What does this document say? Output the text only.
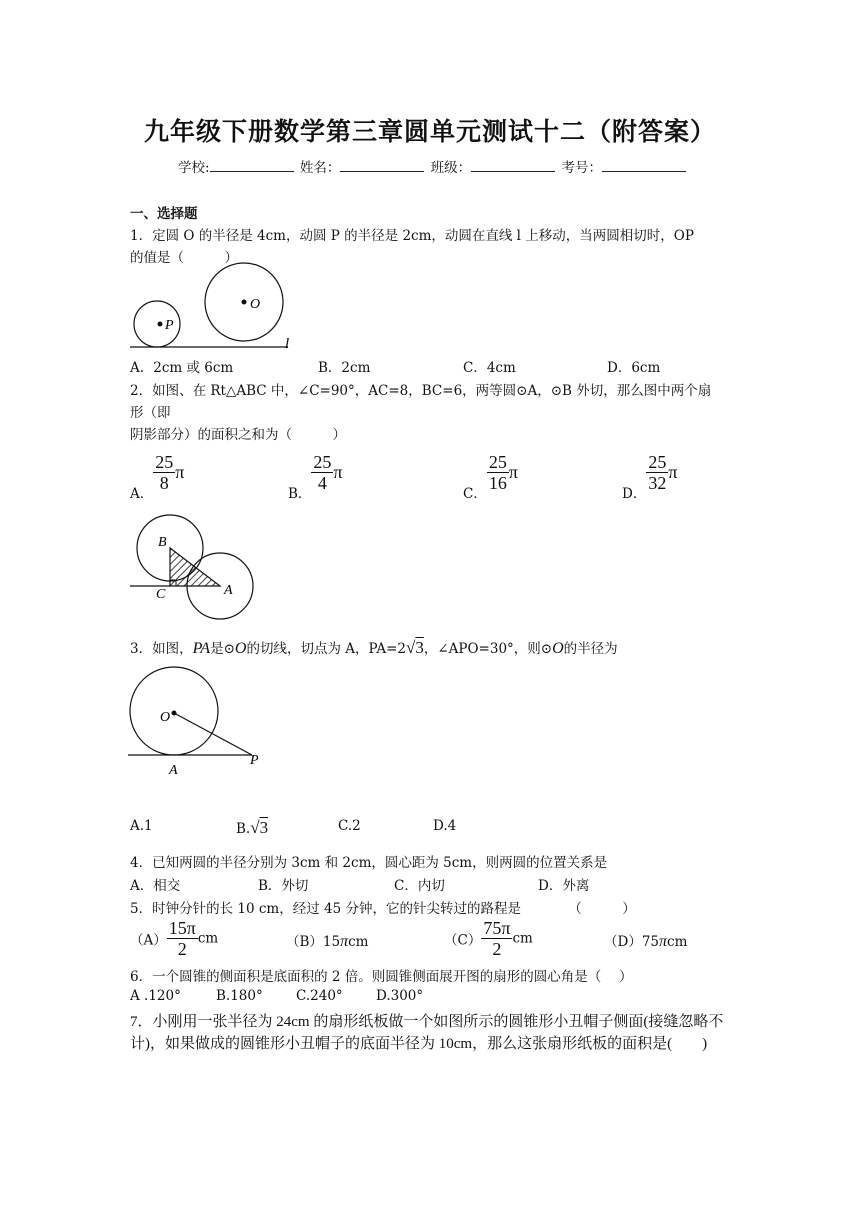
九年级下册数学第三章圆单元测试十二（附答案）
学校:	姓名：	班级：	考号：
一、选择题
1．定圆 O 的半径是 4cm，动圆 P 的半径是 2cm，动圆在直线 l 上移动，当两圆相切时，OP
的值是（　　　）
P
O
l
A．2cm 或 6cm	B．2cm	C．4cm	D．6cm
2．如图、在 Rt△ABC 中，∠C=90°，AC=8，BC=6，两等圆⊙A，⊙B 外切，那么图中两个扇
形（即
阴影部分）的面积之和为（　　　）
A．
$\frac{25}{8}$ π
B．
$\frac{25}{4}$ π
C．
$\frac{25}{16}$ π
D．
$\frac{25}{32}$ π
B
C	A
3．如图，PA是⊙O的切线，切点为 A，PA=2√3，∠APO=30°，则⊙O的半径为
O
A
P
A.1	B.√3	C.2	D.4
4．已知两圆的半径分别为 3cm 和 2cm，圆心距为 5cm，则两圆的位置关系是
A．相交	B．外切	C．内切	D．外离
5．时钟分针的长 10 cm，经过 45 分钟，它的针尖转过的路程是　　　　（　　　）
$(A) \frac{15\pi}{2}$ cm	（B）15πcm	$(C) \frac{75\pi}{2}$ cm	（D）75πcm
6．一个圆锥的侧面积是底面积的 2 倍。则圆锥侧面展开图的扇形的圆心角是（　 ）
A .120°	B.180° C.240° D.300°
7．小刚用一张半径为 24cm 的扇形纸板做一个如图所示的圆锥形小丑帽子侧面(接缝忽略不
计)，如果做成的圆锥形小丑帽子的底面半径为 10cm，那么这张扇形纸板的面积是(　　)
